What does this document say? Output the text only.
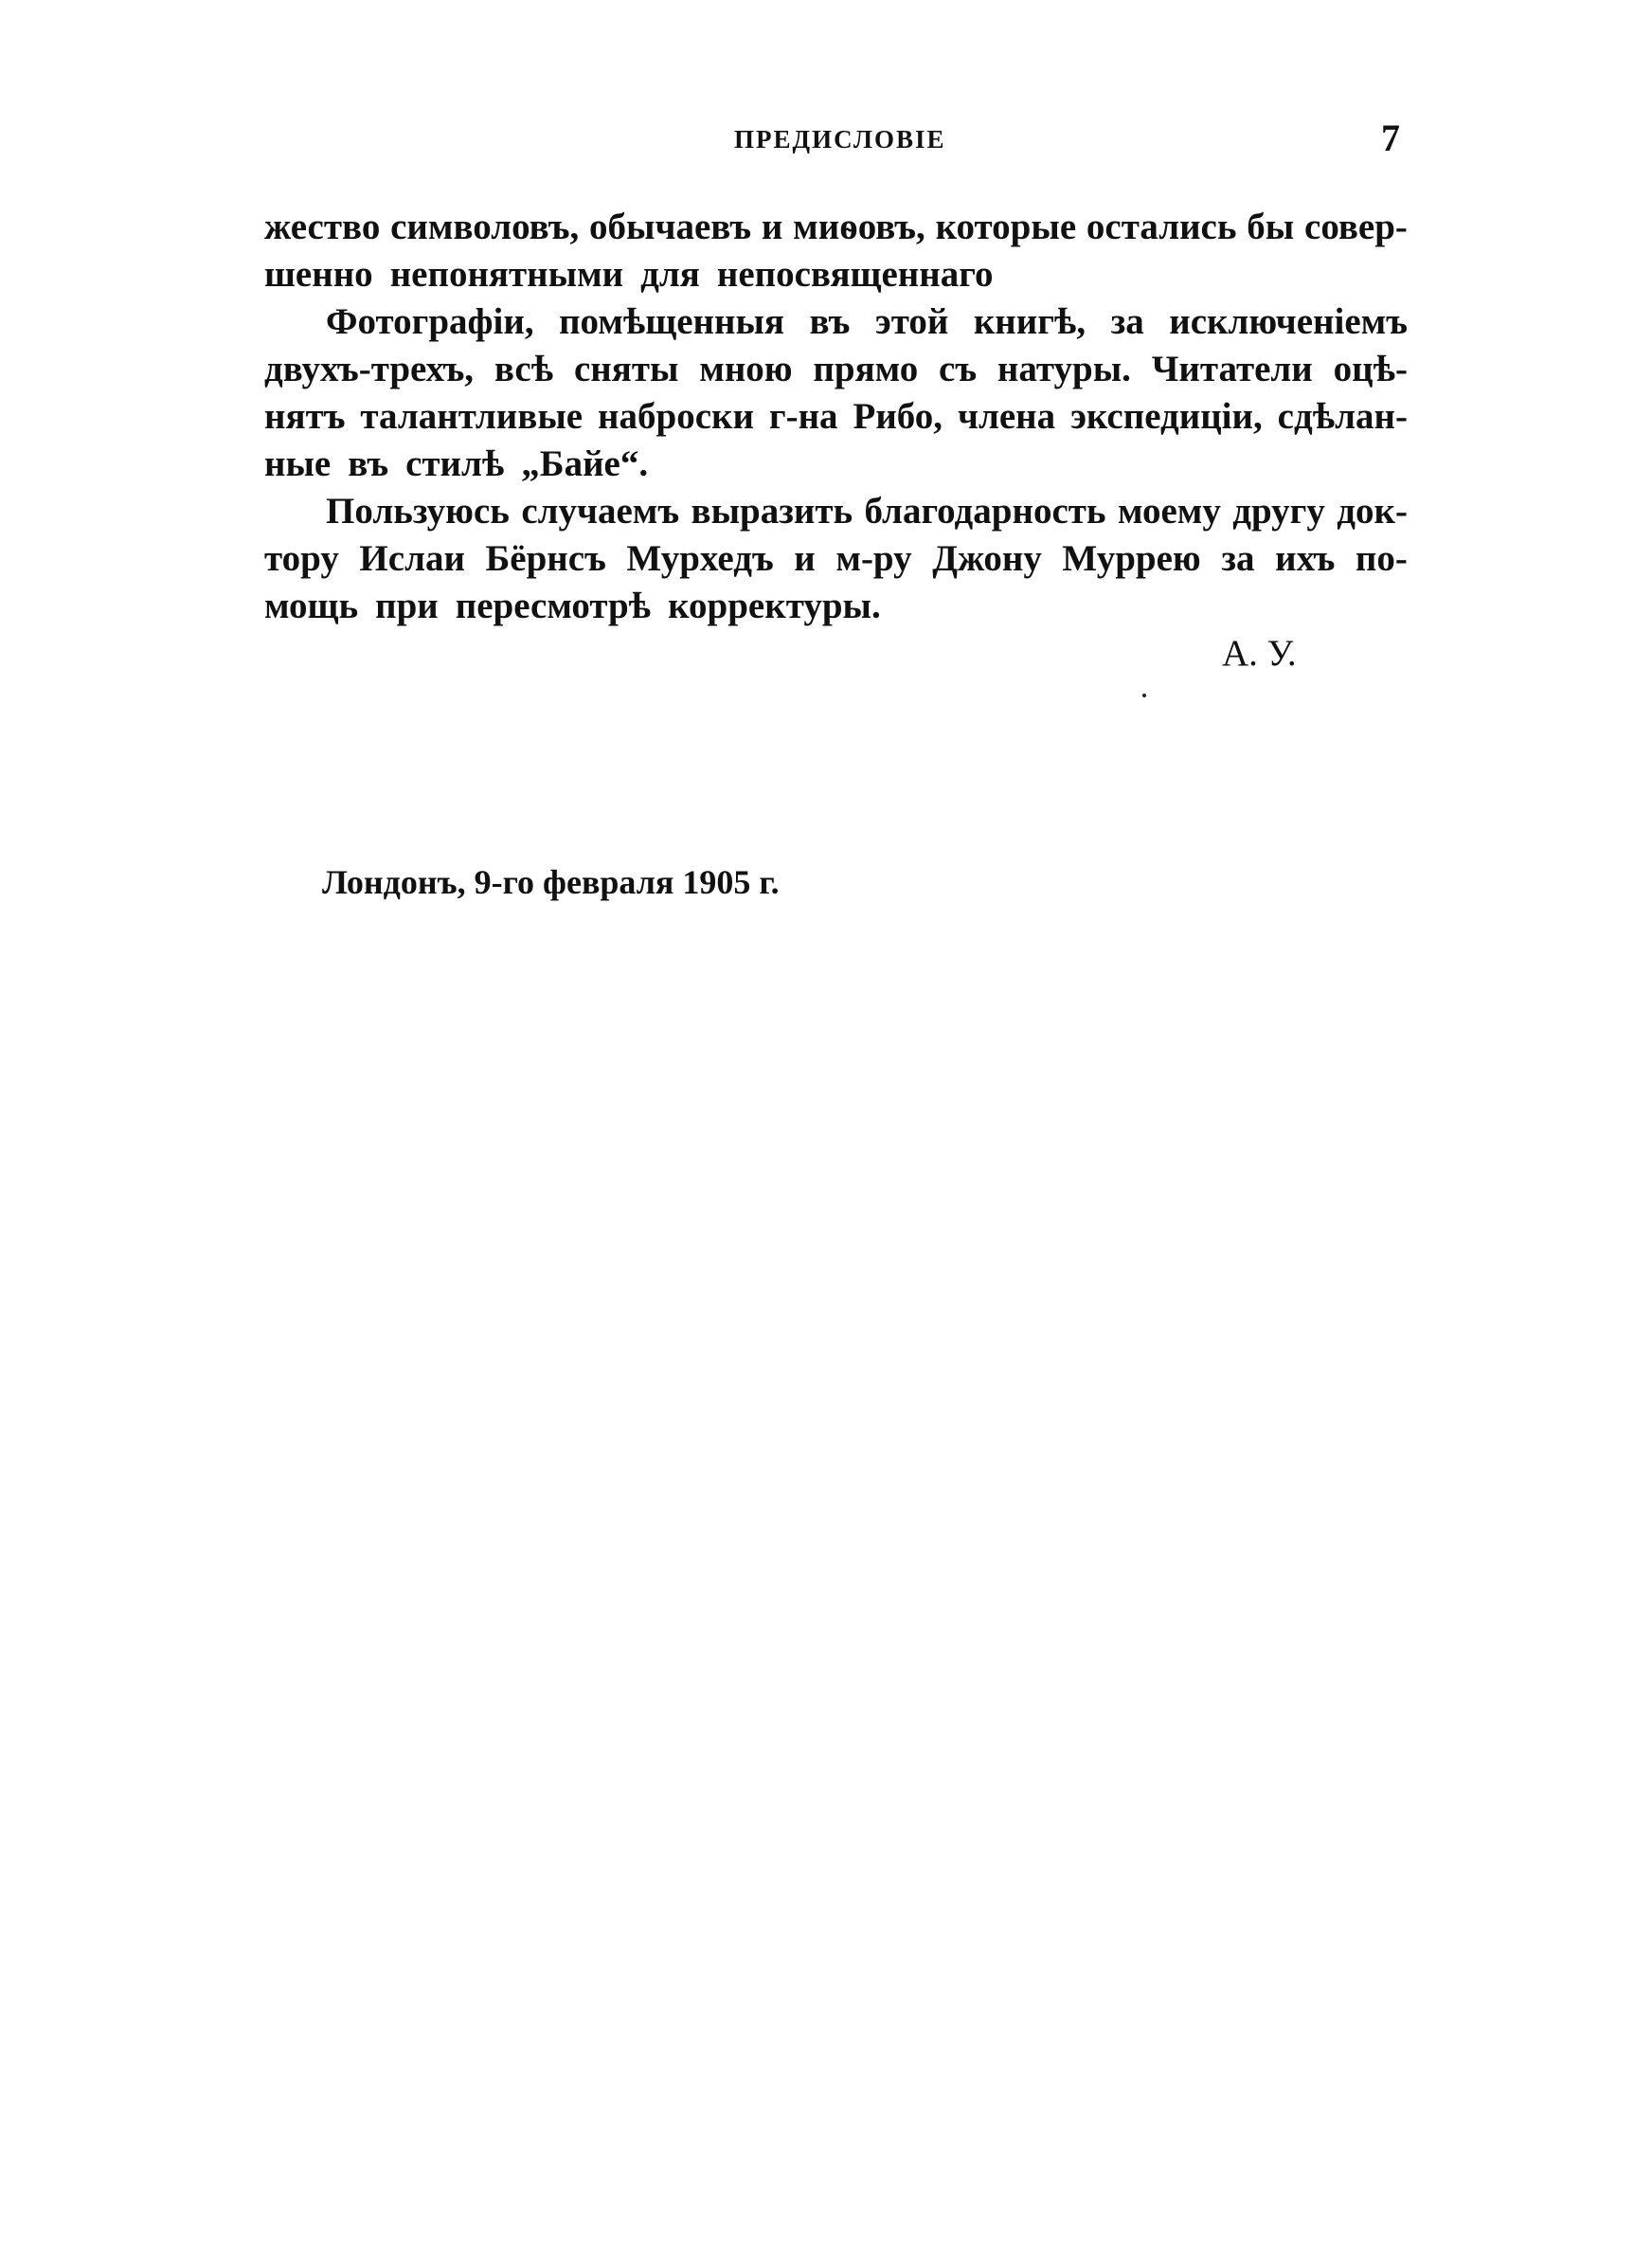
ПРЕДИСЛОВІЕ	7
жество символовъ, обычаевъ и миѳовъ, которые остались бы совер-
шенно непонятными для непосвященнаго
Фотографіи, помѣщенныя въ этой книгѣ, за исключеніемъ
двухъ-трехъ, всѣ сняты мною прямо съ натуры. Читатели оцѣ-
нятъ талантливые наброски г-на Рибо, члена экспедиціи, сдѣлан-
ные въ стилѣ „Байе“.
Пользуюсь случаемъ выразить благодарность моему другу док-
тору Ислаи Бёрнсъ Мурхедъ и м-ру Джону Муррею за ихъ по-
мощь при пересмотрѣ корректуры.
А. У.
Лондонъ, 9-го февраля 1905 г.
